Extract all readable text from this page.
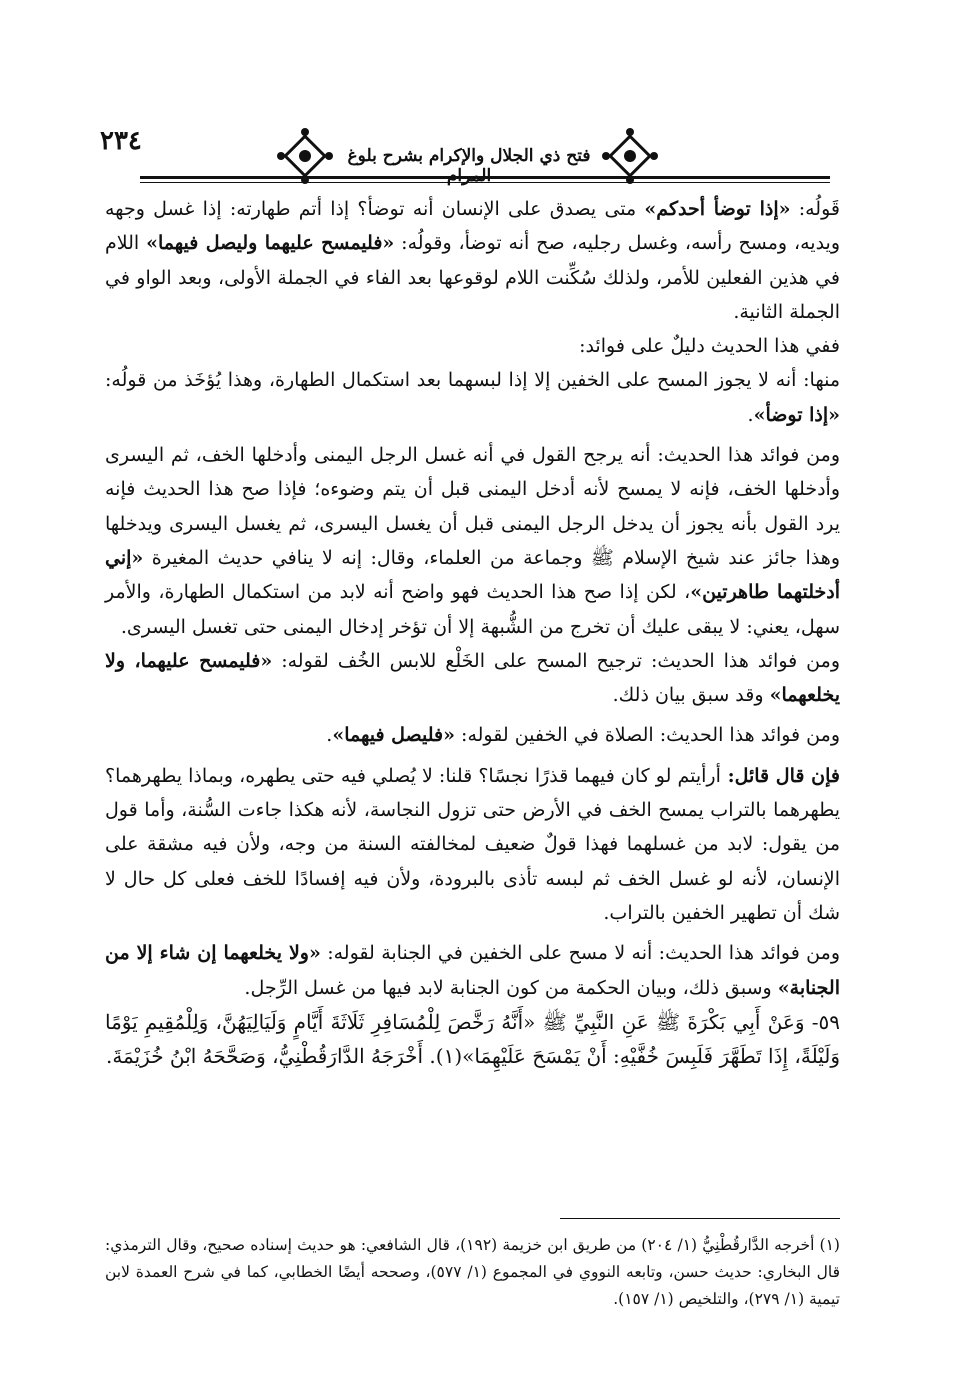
٢٣٤	فتح ذي الجلال والإكرام بشرح بلوغ المرام

قَولُه: «إذا توضأ أحدكم» متى يصدق على الإنسان أنه توضأ؟ إذا أتم طهارته: إذا غسل وجهه ويديه، ومسح رأسه، وغسل رجليه، صح أنه توضأ، وقولُه: «فليمسح عليهما وليصل فيهما» اللام في هذين الفعلين للأمر، ولذلك سُكِّنت اللام لوقوعها بعد الفاء في الجملة الأولى، وبعد الواو في الجملة الثانية.

ففي هذا الحديث دليلٌ على فوائد:

منها: أنه لا يجوز المسح على الخفين إلا إذا لبسهما بعد استكمال الطهارة، وهذا يُؤخَذ من قولُه: «إذا توضأ».

ومن فوائد هذا الحديث: أنه يرجح القول في أنه غسل الرجل اليمنى وأدخلها الخف، ثم اليسرى وأدخلها الخف، فإنه لا يمسح لأنه أدخل اليمنى قبل أن يتم وضوءه؛ فإذا صح هذا الحديث فإنه يرد القول بأنه يجوز أن يدخل الرجل اليمنى قبل أن يغسل اليسرى، ثم يغسل اليسرى ويدخلها وهذا جائز عند شيخ الإسلام ﷺ وجماعة من العلماء، وقال: إنه لا ينافي حديث المغيرة «إني أدخلتهما طاهرتين»، لكن إذا صح هذا الحديث فهو واضح أنه لابد من استكمال الطهارة، والأمر سهل، يعني: لا يبقى عليك أن تخرج من الشُّبهة إلا أن تؤخر إدخال اليمنى حتى تغسل اليسرى.

ومن فوائد هذا الحديث: ترجيح المسح على الخَلْع للابس الخُف لقوله: «فليمسح عليهما، ولا يخلعهما» وقد سبق بيان ذلك.

ومن فوائد هذا الحديث: الصلاة في الخفين لقوله: «فليصل فيهما».

فإن قال قائل: أرأيتم لو كان فيهما قذرًا نجسًا؟ قلنا: لا يُصلي فيه حتى يطهره، وبماذا يطهرهما؟ يطهرهما بالتراب يمسح الخف في الأرض حتى تزول النجاسة، لأنه هكذا جاءت السُّنة، وأما قول من يقول: لابد من غسلهما فهذا قولٌ ضعيف لمخالفته السنة من وجه، ولأن فيه مشقة على الإنسان، لأنه لو غسل الخف ثم لبسه تأذى بالبرودة، ولأن فيه إفسادًا للخف فعلى كل حال لا شك أن تطهير الخفين بالتراب.

ومن فوائد هذا الحديث: أنه لا مسح على الخفين في الجنابة لقوله: «ولا يخلعهما إن شاء إلا من الجنابة» وسبق ذلك، وبيان الحكمة من كون الجنابة لابد فيها من غسل الرِّجل.

٥٩- وَعَنْ أَبِي بَكْرَةَ ﷺ عَنِ النَّبِيِّ ﷺ «أَنَّهُ رَخَّصَ لِلْمُسَافِرِ ثَلَاثَةَ أَيَّامٍ وَلَيَالِيَهُنَّ، وَلِلْمُقِيمِ يَوْمًا وَلَيْلَةً، إِذَا تَطَهَّرَ فَلَبِسَ خُفَّيْهِ: أَنْ يَمْسَحَ عَلَيْهِمَا»(١). أَخْرَجَهُ الدَّارَقُطْنِيُّ، وَصَحَّحَهُ ابْنُ خُزَيْمَةَ.

(١) أخرجه الدَّارقُطْنِيُّ (١/ ٢٠٤) من طريق ابن خزيمة (١٩٢)، قال الشافعي: هو حديث إسناده صحيح، وقال الترمذي: قال البخاري: حديث حسن، وتابعه النووي في المجموع (١/ ٥٧٧)، وصححه أيضًا الخطابي، كما في شرح العمدة لابن تيمية (١/ ٢٧٩)، والتلخيص (١/ ١٥٧).
